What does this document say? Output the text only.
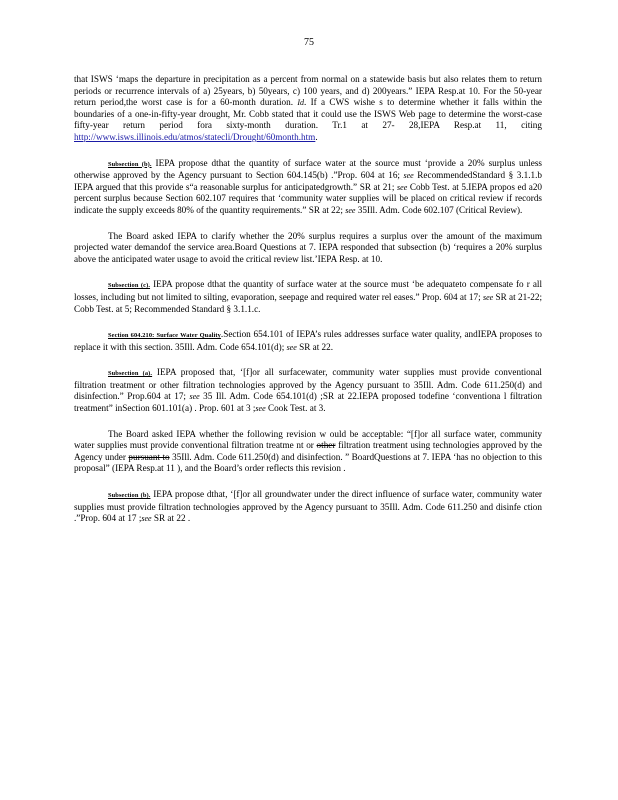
75

that ISWS ‘maps the departure in precipitation as a percent from normal on a statewide basis but also relates them to return periods or recurrence intervals of a) 25years, b) 50years, c) 100 years, and d) 200years.” IEPA Resp.at 10. For the 50-year return period,the worst case is for a 60-month duration. Id. If a CWS wishe s to determine whether it falls within the boundaries of a one-in-fifty-year drought, Mr. Cobb stated that it could use the ISWS Web page to determine the worst-case fifty-year return period fora sixty-month duration. Tr.1 at 27- 28,IEPA Resp.at 11, citing http://www.isws.illinois.edu/atmos/statecli/Drought/60month.htm.

Subsection (b). IEPA propose dthat the quantity of surface water at the source must ‘provide a 20% surplus unless otherwise approved by the Agency pursuant to Section 604.145(b) .”Prop. 604 at 16; see RecommendedStandard § 3.1.1.b IEPA argued that this provide s“a reasonable surplus for anticipatedgrowth.” SR at 21; see Cobb Test. at 5.IEPA propos ed a20 percent surplus because Section 602.107 requires that ‘community water supplies will be placed on critical review if records indicate the supply exceeds 80% of the quantity requirements.” SR at 22; see 35Ill. Adm. Code 602.107 (Critical Review).

The Board asked IEPA to clarify whether the 20% surplus requires a surplus over the amount of the maximum projected water demandof the service area.Board Questions at 7. IEPA responded that subsection (b) ‘requires a 20% surplus above the anticipated water usage to avoid the critical review list.’IEPA Resp. at 10.

Subsection (c). IEPA propose dthat the quantity of surface water at the source must ‘be adequateto compensate fo r all losses, including but not limited to silting, evaporation, seepage and required water rel eases.” Prop. 604 at 17; see SR at 21-22; Cobb Test. at 5; Recommended Standard § 3.1.1.c.

Section 604.210: Surface Water Quality.Section 654.101 of IEPA’s rules addresses surface water quality, andIEPA proposes to replace it with this section. 35Ill. Adm. Code 654.101(d); see SR at 22.

Subsection (a). IEPA proposed that, ‘[f]or all surfacewater, community water supplies must provide conventional filtration treatment or other filtration technologies approved by the Agency pursuant to 35Ill. Adm. Code 611.250(d) and disinfection.” Prop.604 at 17; see 35 Ill. Adm. Code 654.101(d) ;SR at 22.IEPA proposed todefine ‘conventiona l filtration treatment” inSection 601.101(a) . Prop. 601 at 3 ;see Cook Test. at 3.

The Board asked IEPA whether the following revision w ould be acceptable: “[f]or all surface water, community water supplies must provide conventional filtration treatme nt or other filtration treatment using technologies approved by the Agency under pursuant to 35Ill. Adm. Code 611.250(d) and disinfection. ” BoardQuestions at 7. IEPA ‘has no objection to this proposal” (IEPA Resp.at 11 ), and the Board’s order reflects this revision .

Subsection (b). IEPA propose dthat, ‘[f]or all groundwater under the direct influence of surface water, community water supplies must provide filtration technologies approved by the Agency pursuant to 35Ill. Adm. Code 611.250 and disinfe ction .”Prop. 604 at 17 ;see SR at 22 .
